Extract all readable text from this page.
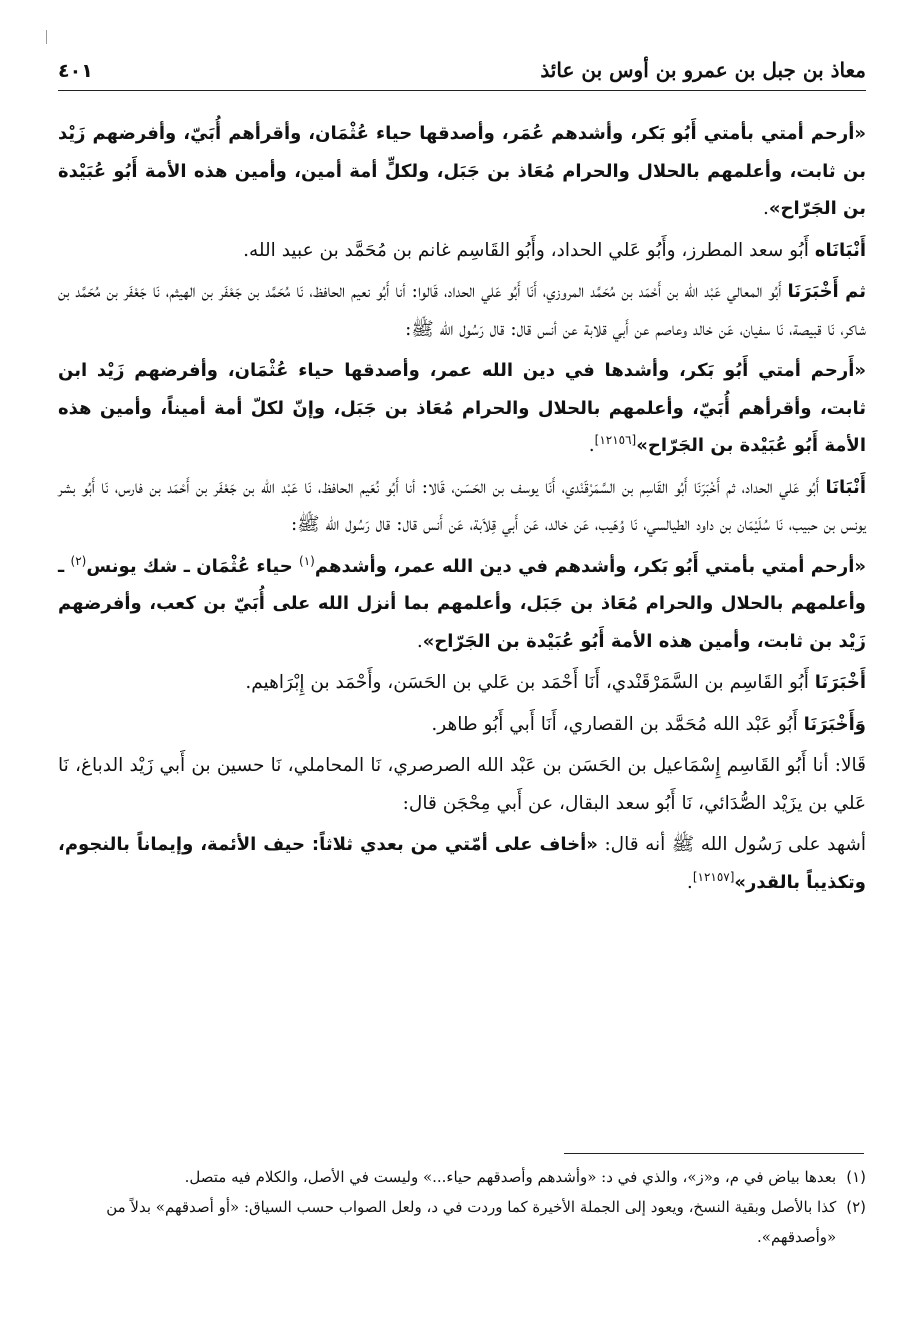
معاذ بن جبل بن عمرو بن أوس بن عائذ
٤٠١

«أرحم أمتي بأمتي أَبُو بَكر، وأشدهم عُمَر، وأصدقها حياء عُثْمَان، وأقرأهم أُبَيّ، وأفرضهم زَيْد بن ثابت، وأعلمهم بالحلال والحرام مُعَاذ بن جَبَل، ولكلٍّ أمة أمين، وأمين هذه الأمة أَبُو عُبَيْدة بن الجَرّاح».

أَنْبَانَاه أَبُو سعد المطرز، وأَبُو عَلي الحداد، وأَبُو القَاسِم غانم بن مُحَمَّد بن عبيد الله.

ثم أَخْبَرَنَا أَبُو المعالي عَبْد الله بن أَحْمَد بن مُحَمَّد المروزي، أَنَا أَبُو عَلي الحداد، قَالوا: أنا أَبُو نعيم الحافظ، نَا مُحَمَّد بن جَعْفَر بن الهيثم، نَا جَعْفَر بن مُحَمَّد بن شاكر، نَا قبيصة، نَا سفيان، عَن خالد وعاصم عن أَبي قلابة عن أنس قال: قال رَسُول الله ﷺ:

«أَرحم أمتي أَبُو بَكر، وأشدها في دين الله عمر، وأصدقها حياء عُثْمَان، وأفرضهم زَيْد ابن ثابت، وأقرأهم أُبَيّ، وأعلمهم بالحلال والحرام مُعَاذ بن جَبَل، وإنّ لكلّ أمة أميناً، وأمين هذه الأمة أَبُو عُبَيْدة بن الجَرّاح»[١٢١٥٦].

أَنْبَانَا أَبُو عَلي الحداد، ثم أَخْبَرَنَا أَبُو القَاسِم بن السَّمَرْقَنْدي، أَنَا يوسف بن الحَسَن، قَالا: أنا أَبُو نُعَيم الحافظ، نَا عَبْد الله بن جَعْفَر بن أَحْمَد بن فارس، نَا أَبُو بشر يونس بن حبيب، نَا سُلَيْمَان بن داود الطيالسي، نَا وُهَيب، عَن خالد، عَن أَبي قِلاَبة، عَن أَنس قال: قال رَسُول الله ﷺ:

«أرحم أمتي بأمتي أَبُو بَكر، وأشدهم في دين الله عمر، وأشدهم$^{(١)}$ حياء عُثْمَان ـ شك يونس$^{(٢)}$ ـ وأعلمهم بالحلال والحرام مُعَاذ بن جَبَل، وأعلمهم بما أنزل الله على أُبَيّ بن كعب، وأفرضهم زَيْد بن ثابت، وأمين هذه الأمة أَبُو عُبَيْدة بن الجَرّاح».

أَخْبَرَنَا أَبُو القَاسِم بن السَّمَرْقَنْدي، أَنَا أَحْمَد بن عَلي بن الحَسَن، وأَحْمَد بن إِبْرَاهيم.

وَأَخْبَرَنَا أَبُو عَبْد الله مُحَمَّد بن القصاري، أَنَا أَبي أَبُو طاهر.

قَالا: أنا أَبُو القَاسِم إِسْمَاعيل بن الحَسَن بن عَبْد الله الصرصري، نَا المحاملي، نَا حسين بن أَبي زَيْد الدباغ، نَا عَلي بن يزَيْد الصُّدَائي، نَا أَبُو سعد البقال، عن أَبي مِحْجَن قال:

أشهد على رَسُول الله ﷺ أنه قال: «أخاف على أمّتي من بعدي ثلاثاً: حيف الأئمة، وإيماناً بالنجوم، وتكذيباً بالقدر»[١٢١٥٧].

(١)
بعدها بياض في م، و«ز»، والذي في د: «وأشدهم وأصدقهم حياء...» وليست في الأصل، والكلام فيه متصل.
(٢)
كذا بالأصل وبقية النسخ، ويعود إلى الجملة الأخيرة كما وردت في د، ولعل الصواب حسب السياق: «أو أصدقهم» بدلاً من «وأصدقهم».
